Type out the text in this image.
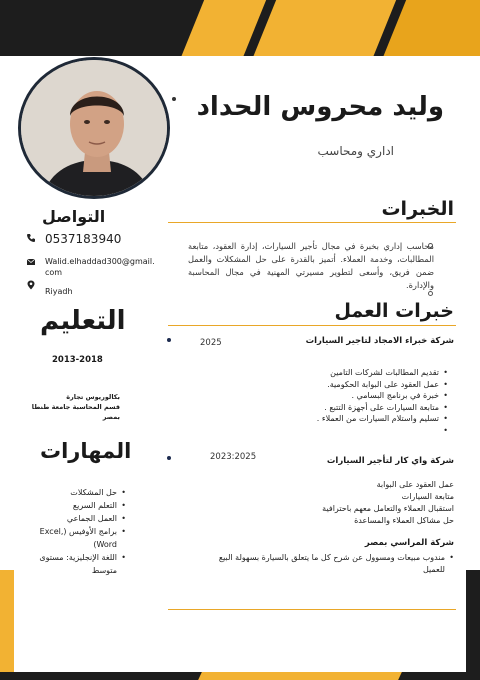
وليد محروس الحداد
اداري ومحاسب
الخبرات
محاسب إداري بخبرة في مجال تأجير السيارات، إدارة العقود، متابعة المطالبات، وخدمة العملاء. أتميز بالقدرة على حل المشكلات والعمل ضمن فريق، وأسعى لتطوير مسيرتي المهنية في مجال المحاسبة والإدارة.
خبرات العمل
2025	شركة خبراء الامجاد لتاجير السيارات
• تقديم المطالبات لشركات التامين
• عمل العقود على البوابة الحكومية.
• خبرة في برنامج البسامي .
• متابعة السيارات على أجهزة التتبع .
• تسليم واستلام السيارات من العملاء .
•
2023:2025	شركة واي كار لتأجير السيارات
عمل العقود على البوابة
متابعة السيارات
استقبال العملاء والتعامل معهم باحترافية
حل مشاكل العملاء والمساعدة
شركة المراسي بمصر
• مندوب مبيعات ومسوول عن شرح كل ما يتعلق بالسيارة بسهولة البيع للعميل
التواصل
0537183940
Walid.elhaddad300@gmail.
com
Riyadh
التعليم
2013-2018
بكالوريوس تجارة
قسم المحاسبة جامعة طنطا
بمصر
المهارات
• حل المشكلات
• التعلم السريع
• العمل الجماعي
• برامج الأوفيس (Excel, Word)
• اللغة الإنجليزية: مستوى متوسط
